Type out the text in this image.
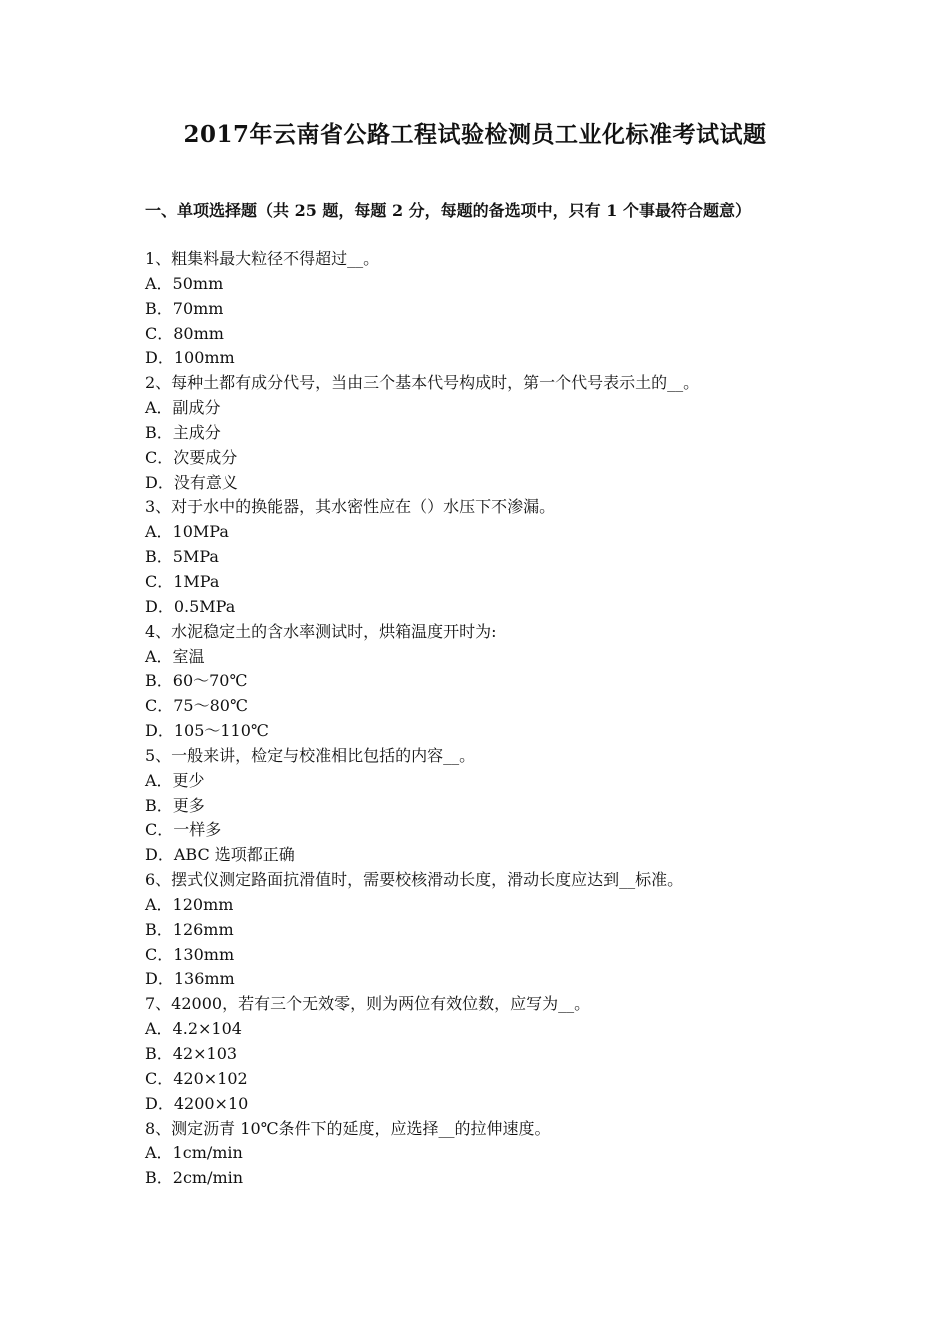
2017年云南省公路工程试验检测员工业化标准考试试题
一、单项选择题（共 25 题，每题 2 分，每题的备选项中，只有 1 个事最符合题意）
1、粗集料最大粒径不得超过__。
A．50mm
B．70mm
C．80mm
D．100mm
2、每种土都有成分代号，当由三个基本代号构成时，第一个代号表示土的__。
A．副成分
B．主成分
C．次要成分
D．没有意义
3、对于水中的换能器，其水密性应在（）水压下不渗漏。
A．10MPa
B．5MPa
C．1MPa
D．0.5MPa
4、水泥稳定土的含水率测试时，烘箱温度开时为:
A．室温
B．60～70℃
C．75～80℃
D．105～110℃
5、一般来讲，检定与校准相比包括的内容__。
A．更少
B．更多
C．一样多
D．ABC 选项都正确
6、摆式仪测定路面抗滑值时，需要校核滑动长度，滑动长度应达到__标准。
A．120mm
B．126mm
C．130mm
D．136mm
7、42000，若有三个无效零，则为两位有效位数，应写为__。
A．4.2×104
B．42×103
C．420×102
D．4200×10
8、测定沥青 10℃条件下的延度，应选择__的拉伸速度。
A．1cm/min
B．2cm/min
